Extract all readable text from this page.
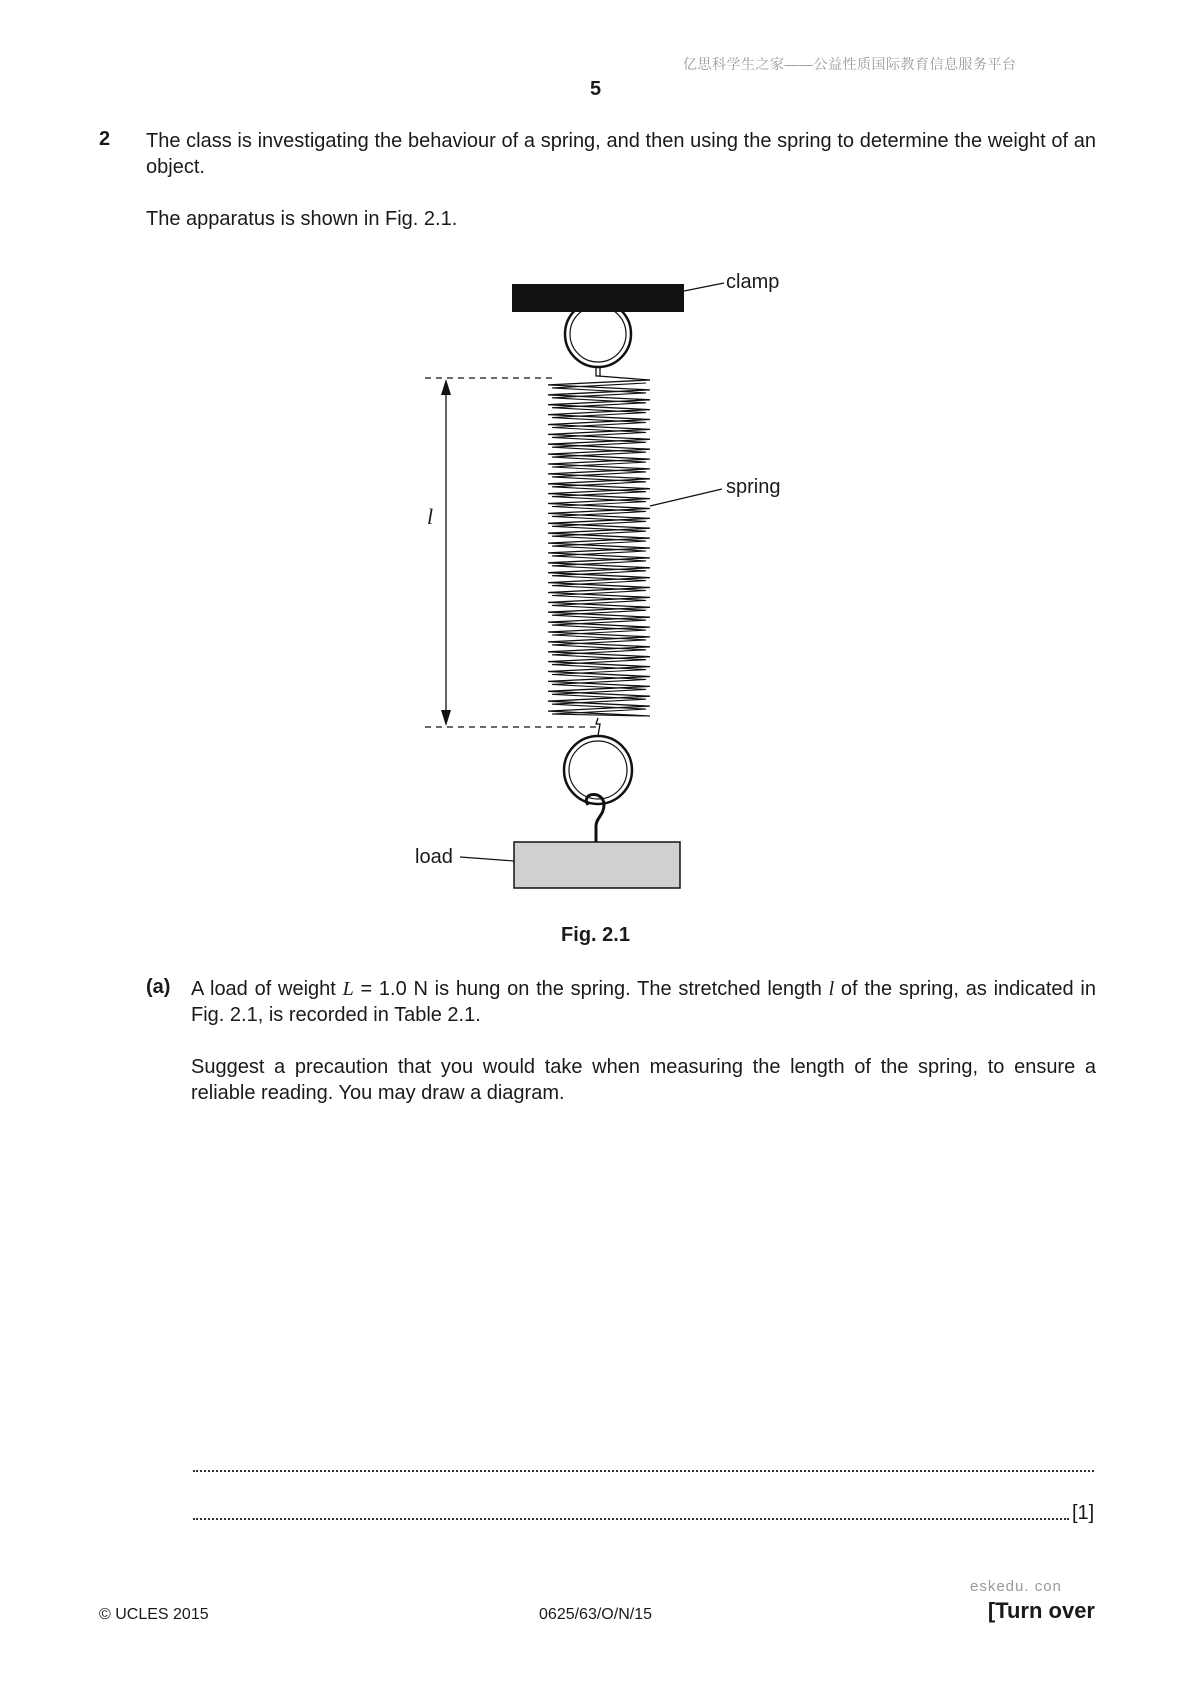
亿思科学生之家——公益性质国际教育信息服务平台
5
2 The class is investigating the behaviour of a spring, and then using the spring to determine the weight of an object.

The apparatus is shown in Fig. 2.1.

clamp
spring
l
load
Fig. 2.1
(a) A load of weight L = 1.0 N is hung on the spring. The stretched length l of the spring, as indicated in Fig. 2.1, is recorded in Table 2.1.

Suggest a precaution that you would take when measuring the length of the spring, to ensure a reliable reading. You may draw a diagram.

[1]
eskedu. con
© UCLES 2015	0625/63/O/N/15	[Turn over
